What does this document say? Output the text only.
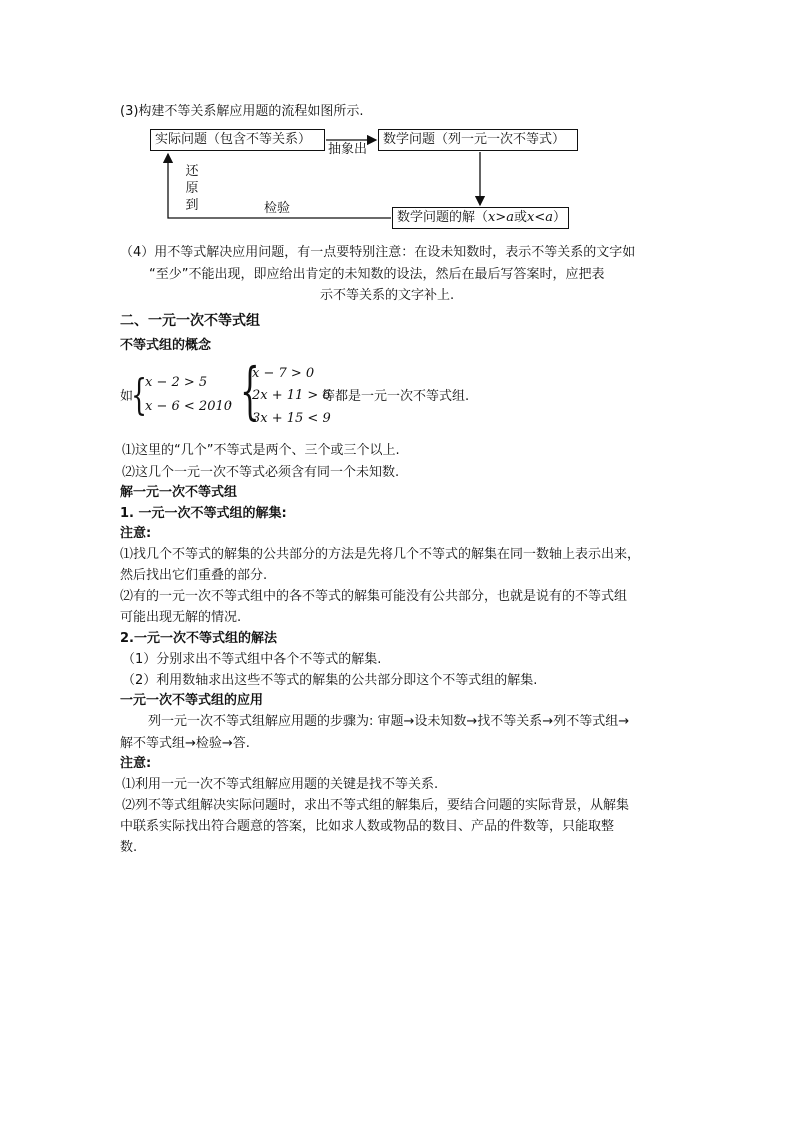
(3)构建不等关系解应用题的流程如图所示.
实际问题（包含不等关系）	数学问题（列一元一次不等式）
数学问题的解（ x>a 或 x<a ）
抽象出
检验
还
原
到
（4）用不等式解决应用问题，有一点要特别注意：在设未知数时，表示不等关系的文字如
“至少”不能出现，即应给出肯定的未知数的设法，然后在最后写答案时，应把表
示不等关系的文字补上.
二、一元一次不等式组
不等式组的概念
如
{
x − 2 > 5
x − 6 < 2010
，
{
x − 7 > 0
2x + 11 > 6
3x + 15 < 9
等都是一元一次不等式组.
⑴这里的“几个”不等式是两个、三个或三个以上.
⑵这几个一元一次不等式必须含有同一个未知数.
解一元一次不等式组
1. 一元一次不等式组的解集:
注意:
⑴找几个不等式的解集的公共部分的方法是先将几个不等式的解集在同一数轴上表示出来，
然后找出它们重叠的部分.
⑵有的一元一次不等式组中的各不等式的解集可能没有公共部分，也就是说有的不等式组
可能出现无解的情况.
2.一元一次不等式组的解法
（1）分别求出不等式组中各个不等式的解集.
（2）利用数轴求出这些不等式的解集的公共部分即这个不等式组的解集.
一元一次不等式组的应用
列一元一次不等式组解应用题的步骤为: 审题→设未知数→找不等关系→列不等式组→
解不等式组→检验→答.
注意:
⑴利用一元一次不等式组解应用题的关键是找不等关系.
⑵列不等式组解决实际问题时，求出不等式组的解集后，要结合问题的实际背景，从解集
中联系实际找出符合题意的答案，比如求人数或物品的数目、产品的件数等，只能取整
数.
